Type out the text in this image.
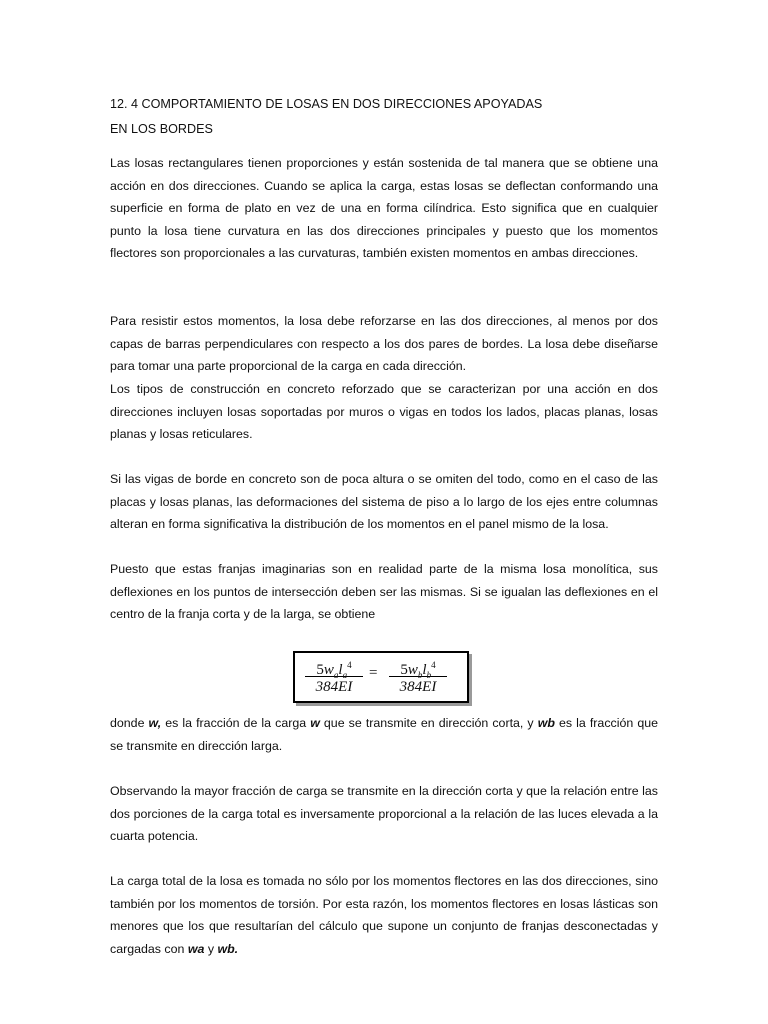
12. 4 COMPORTAMIENTO DE LOSAS EN DOS DIRECCIONES APOYADAS
EN LOS BORDES

Las losas rectangulares tienen proporciones y están sostenida de tal manera que se obtiene una acción en dos direcciones. Cuando se aplica la carga, estas losas se deflectan conformando una superficie en forma de plato en vez de una en forma cilíndrica. Esto significa que en cualquier punto la losa tiene curvatura en las dos direcciones principales y puesto que los momentos flectores son proporcionales a las curvaturas, también existen momentos en ambas direcciones.

Para resistir estos momentos, la losa debe reforzarse en las dos direcciones, al menos por dos capas de barras perpendiculares con respecto a los dos pares de bordes. La losa debe diseñarse para tomar una parte proporcional de la carga en cada dirección.

Los tipos de construcción en concreto reforzado que se caracterizan por una acción en dos direcciones incluyen losas soportadas por muros o vigas en todos los lados, placas planas, losas planas y losas reticulares.

Si las vigas de borde en concreto son de poca altura o se omiten del todo, como en el caso de las placas y losas planas, las deformaciones del sistema de piso a lo largo de los ejes entre columnas alteran en forma significativa la distribución de los momentos en el panel mismo de la losa.

Puesto que estas franjas imaginarias son en realidad parte de la misma losa monolítica, sus deflexiones en los puntos de intersección deben ser las mismas. Si se igualan las deflexiones en el centro de la franja corta y de la larga, se obtiene

$5w_al_a^4$
384EI
=	$5w_bl_b^4$
384EI

donde w, es la fracción de la carga w que se transmite en dirección corta, y wb es la fracción que se transmite en dirección larga.

Observando la mayor fracción de carga se transmite en la dirección corta y que la relación entre las dos porciones de la carga total es inversamente proporcional a la relación de las luces elevada a la cuarta potencia.

La carga total de la losa es tomada no sólo por los momentos flectores en las dos direcciones, sino también por los momentos de torsión. Por esta razón, los momentos flectores en losas lásticas son menores que los que resultarían del cálculo que supone un conjunto de franjas desconectadas y cargadas con wa y wb.
